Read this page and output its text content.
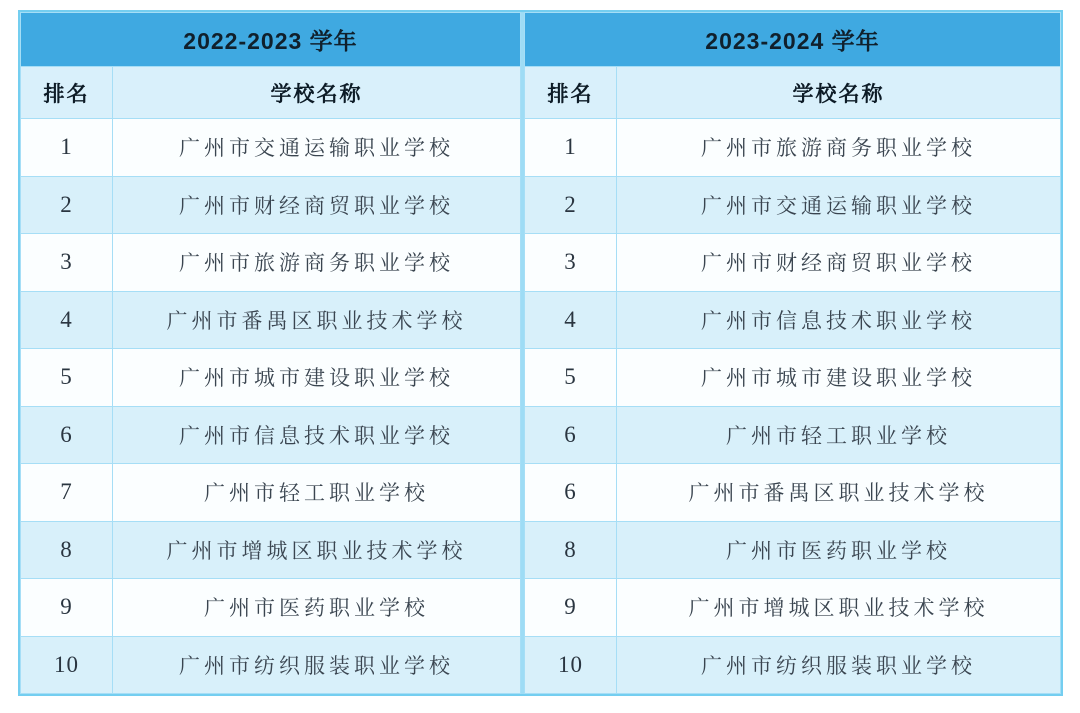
2022-2023 学年	
排名	学校名称
1	广州市交通运输职业学校
2	广州市财经商贸职业学校
3	广州市旅游商务职业学校
4	广州市番禺区职业技术学校
5	广州市城市建设职业学校
6	广州市信息技术职业学校
7	广州市轻工职业学校
8	广州市增城区职业技术学校
9	广州市医药职业学校
10	广州市纺织服装职业学校
2023-2024 学年	
排名	学校名称
1	广州市旅游商务职业学校
2	广州市交通运输职业学校
3	广州市财经商贸职业学校
4	广州市信息技术职业学校
5	广州市城市建设职业学校
6	广州市轻工职业学校
6	广州市番禺区职业技术学校
8	广州市医药职业学校
9	广州市增城区职业技术学校
10	广州市纺织服装职业学校
